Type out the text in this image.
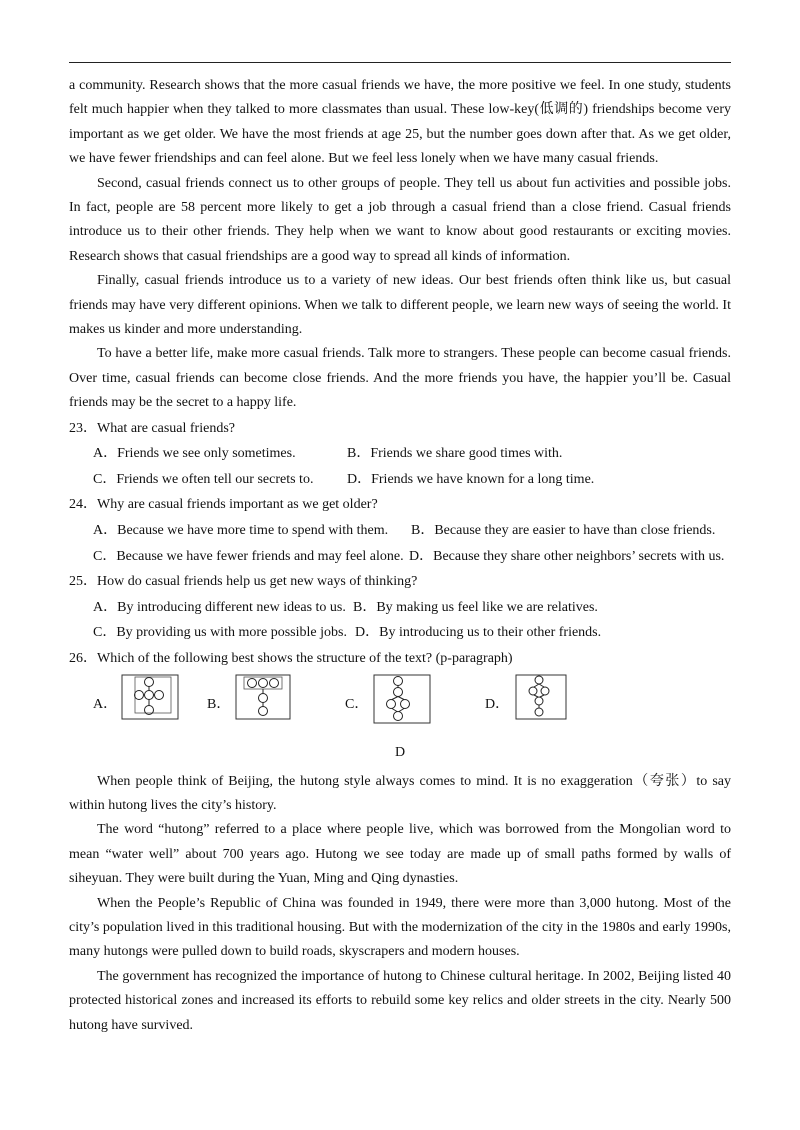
a community. Research shows that the more casual friends we have, the more positive we feel. In one study, students felt much happier when they talked to more classmates than usual. These low-key(低调的) friendships become very important as we get older. We have the most friends at age 25, but the number goes down after that. As we get older, we have fewer friendships and can feel alone. But we feel less lonely when we have many casual friends.

Second, casual friends connect us to other groups of people. They tell us about fun activities and possible jobs. In fact, people are 58 percent more likely to get a job through a casual friend than a close friend. Casual friends introduce us to their other friends. They help when we want to know about good restaurants or exciting movies. Research shows that casual friendships are a good way to spread all kinds of information.

Finally, casual friends introduce us to a variety of new ideas. Our best friends often think like us, but casual friends may have very different opinions. When we talk to different people, we learn new ways of seeing the world. It makes us kinder and more understanding.

To have a better life, make more casual friends. Talk more to strangers. These people can become casual friends. Over time, casual friends can become close friends. And the more friends you have, the happier you’ll be. Casual friends may be the secret to a happy life.

23．What are casual friends?
A．Friends we see only sometimes.	B．Friends we share good times with.
C．Friends we often tell our secrets to. D．Friends we have known for a long time.
24．Why are casual friends important as we get older?
A．Because we have more time to spend with them. B．Because they are easier to have than close friends.
C．Because we have fewer friends and may feel alone. D．Because they share other neighbors’ secrets with us.
25．How do casual friends help us get new ways of thinking?
A．By introducing different new ideas to us. B．By making us feel like we are relatives.
C．By providing us with more possible jobs. D．By introducing us to their other friends.
26．Which of the following best shows the structure of the text? (p-paragraph)
A．	B．	C．	D．
D

When people think of Beijing, the hutong style always comes to mind. It is no exaggeration（夸张）to say within hutong lives the city’s history.

The word “hutong” referred to a place where people live, which was borrowed from the Mongolian word to mean “water well” about 700 years ago. Hutong we see today are made up of small paths formed by walls of siheyuan. They were built during the Yuan, Ming and Qing dynasties.

When the People’s Republic of China was founded in 1949, there were more than 3,000 hutong. Most of the city’s population lived in this traditional housing. But with the modernization of the city in the 1980s and early 1990s, many hutongs were pulled down to build roads, skyscrapers and modern houses.

The government has recognized the importance of hutong to Chinese cultural heritage. In 2002, Beijing listed 40 protected historical zones and increased its efforts to rebuild some key relics and older streets in the city. Nearly 500 hutong have survived.
